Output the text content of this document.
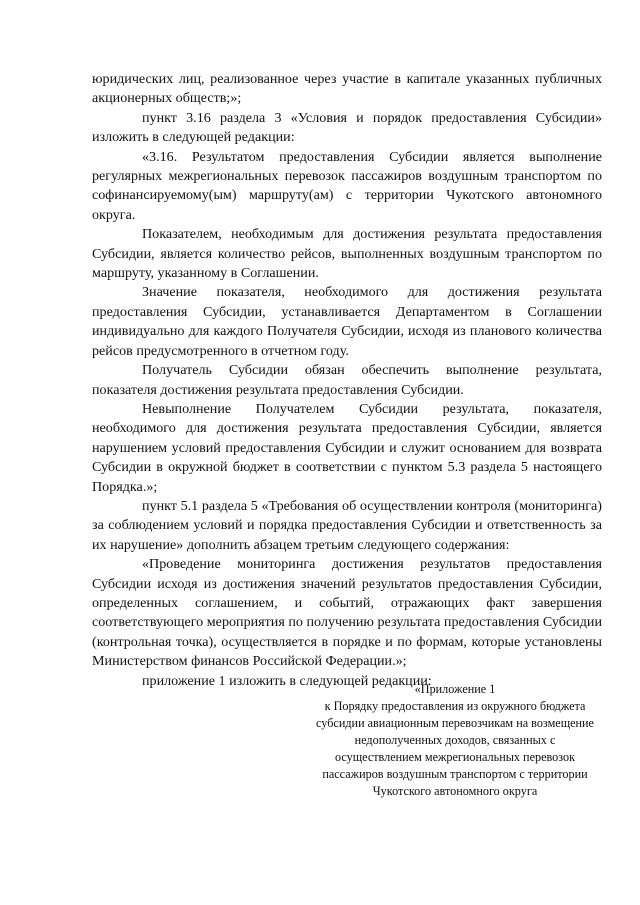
юридических лиц, реализованное через участие в капитале указанных публичных акционерных обществ;»;

пункт 3.16 раздела 3 «Условия и порядок предоставления Субсидии» изложить в следующей редакции:

«3.16. Результатом предоставления Субсидии является выполнение регулярных межрегиональных перевозок пассажиров воздушным транспортом по софинансируемому(ым) маршруту(ам) с территории Чукотского автономного округа.

Показателем, необходимым для достижения результата предоставления Субсидии, является количество рейсов, выполненных воздушным транспортом по маршруту, указанному в Соглашении.

Значение показателя, необходимого для достижения результата предоставления Субсидии, устанавливается Департаментом в Соглашении индивидуально для каждого Получателя Субсидии, исходя из планового количества рейсов предусмотренного в отчетном году.

Получатель Субсидии обязан обеспечить выполнение результата, показателя достижения результата предоставления Субсидии.

Невыполнение Получателем Субсидии результата, показателя, необходимого для достижения результата предоставления Субсидии, является нарушением условий предоставления Субсидии и служит основанием для возврата Субсидии в окружной бюджет в соответствии с пунктом 5.3 раздела 5 настоящего Порядка.»;

пункт 5.1 раздела 5 «Требования об осуществлении контроля (мониторинга) за соблюдением условий и порядка предоставления Субсидии и ответственность за их нарушение» дополнить абзацем третьим следующего содержания:

«Проведение мониторинга достижения результатов предоставления Субсидии исходя из достижения значений результатов предоставления Субсидии, определенных соглашением, и событий, отражающих факт завершения соответствующего мероприятия по получению результата предоставления Субсидии (контрольная точка), осуществляется в порядке и по формам, которые установлены Министерством финансов Российской Федерации.»;

приложение 1 изложить в следующей редакции:

«Приложение 1
к Порядку предоставления из окружного бюджета
субсидии авиационным перевозчикам на возмещение
недополученных доходов, связанных с
осуществлением межрегиональных перевозок
пассажиров воздушным транспортом с территории
Чукотского автономного округа
